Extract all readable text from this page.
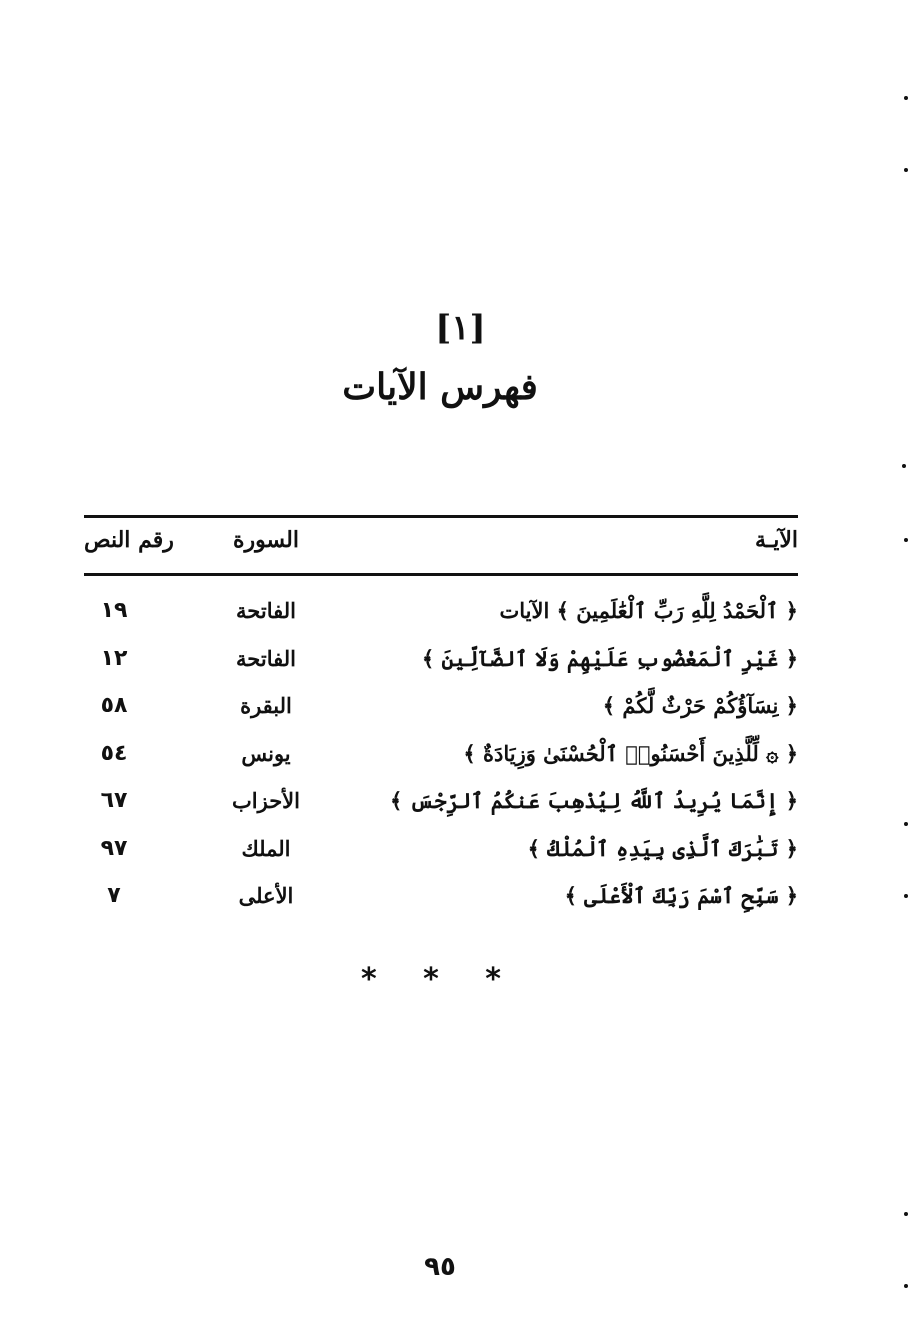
[١]
فهرس الآيات
الآيـة
السورة
رقم النص
﴿ ٱلْحَمْدُ لِلَّهِ رَبِّ ٱلْعَٰلَمِينَ ﴾ الآيات
الفاتحة
١٩
﴿ غَيْرِ ٱلْمَغْضُوبِ عَلَيْهِمْ وَلَا ٱلضَّآلِّينَ ﴾
الفاتحة
١٢
﴿ نِسَآؤُكُمْ حَرْثٌ لَّكُمْ ﴾
البقرة
٥٨
﴿ ۞ لِّلَّذِينَ أَحْسَنُوا۟ ٱلْحُسْنَىٰ وَزِيَادَةٌ ﴾
يونس
٥٤
﴿ إِنَّمَا يُرِيدُ ٱللَّهُ لِيُذْهِبَ عَنكُمُ ٱلرِّجْسَ ﴾
الأحزاب
٦٧
﴿ تَبَٰرَكَ ٱلَّذِى بِيَدِهِ ٱلْمُلْكُ ﴾
الملك
٩٧
﴿ سَبِّحِ ٱسْمَ رَبِّكَ ٱلْأَعْلَى ﴾
الأعلى
٧
* * *
٩٥
